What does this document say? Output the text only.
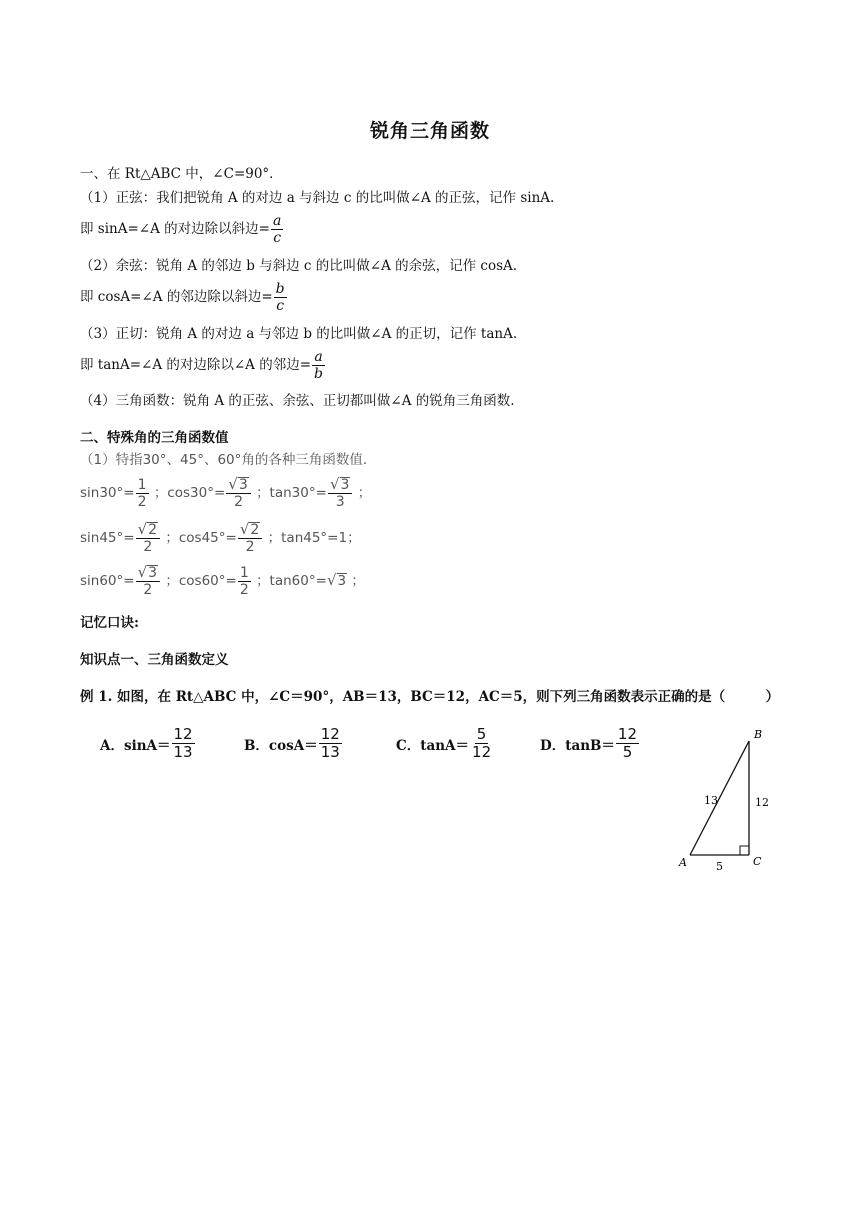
锐角三角函数
一、在 Rt△ABC 中，∠C=90°．
（1）正弦：我们把锐角 A 的对边 a 与斜边 c 的比叫做∠A 的正弦，记作 sinA.
即 sinA=∠A 的对边除以斜边= $\frac{a}{c}$
（2）余弦：锐角 A 的邻边 b 与斜边 c 的比叫做∠A 的余弦，记作 cosA.
即 cosA=∠A 的邻边除以斜边= $\frac{b}{c}$
（3）正切：锐角 A 的对边 a 与邻边 b 的比叫做∠A 的正切，记作 tanA.
即 tanA=∠A 的对边除以∠A 的邻边= $\frac{a}{b}$
（4）三角函数：锐角 A 的正弦、余弦、正切都叫做∠A 的锐角三角函数.
二、特殊角的三角函数值
（1）特指30°、45°、60°角的各种三角函数值．
$\sin 30^\circ= \frac{1}{2}$ ；$\cos 30^\circ= \frac{√ 3}{2}$ ；$\tan 30^\circ= \frac{√ 3}{3}$ ；
$\sin 45^\circ= \frac{√ 2}{2}$ ；$\cos 45^\circ= \frac{√ 2}{2}$ ；tan45°=1；
$\sin 60^\circ= \frac{√ 3}{2}$ ；$\cos 60^\circ= \frac{1}{2}$ ；tan60°= √ 3 ；
记忆口诀:
知识点一、三角函数定义
例 1. 如图，在 Rt△ABC 中，∠C＝90°，AB＝13，BC＝12，AC＝5，则下列三角函数表示正确的是（　　　）
A．$\sin A= \frac{12}{13}$	B．$\cos A= \frac{12}{13}$	C．$\tan A= \frac{5}{12}$	D．$\tan B= \frac{12}{5}$	B
A	C
13	12
5
